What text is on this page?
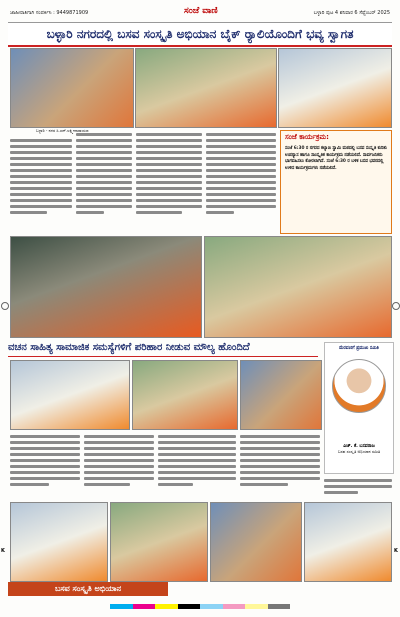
ಜಾಹೀರಾತಿಗಾಗಿ ಸಂಪರ್ಕಿಸಿ : 9449871909	ಸಂಜೆ ವಾಣಿ	ಬಳ್ಳಾರಿ ಪುಟ 4 ಶನಿವಾರ 6 ಸೆಪ್ಟೆಂಬರ್ 2025
ಬಳ್ಳಾರಿ ನಗರದಲ್ಲಿ ಬಸವ ಸಂಸ್ಕೃತಿ ಅಭಿಯಾನ ಬೈಕ್ ರ್‍ಯಾಲಿಯೊಂದಿಗೆ ಭವ್ಯ ಸ್ವಾಗತ
ಬಳ್ಳಾರಿ - ನಗರ ಸಿ.ಎನ್.ಲಕ್ಷ್ಮೀನಾರಾಯಣ
ಸಂಜೆ ಕಾರ್ಯಕ್ರಮ:
ಸಂಜೆ 6:30 ರ ನಗರದ ಕಲ್ಯಾಣ ಸ್ವಾಮಿ ಮಠದಲ್ಲಿ ಬಸವ ಸಂಸ್ಕೃತಿ ಕುರಿತು ಉಪನ್ಯಾಸ ಹಾಗೂ ಸಾಂಸ್ಕೃತಿಕ ಕಾರ್ಯಕ್ರಮ ನಡೆಯಲಿದೆ. ಸಾರ್ವಜನಿಕರು ಭಾಗವಹಿಸಲು ಕೋರಲಾಗಿದೆ. ಸಂಜೆ 6:30 ರ ಬಳಿಕ ಬಸವ ಭವನದಲ್ಲಿ ಉಳಿದ ಕಾರ್ಯಕ್ರಮಗಳು ನಡೆಯಲಿವೆ.
ವಚನ ಸಾಹಿತ್ಯ ಸಾಮಾಜಿಕ ಸಮಸ್ಯೆಗಳಿಗೆ ಪರಿಹಾರ ನೀಡುವ ಮೌಲ್ಯ ಹೊಂದಿದೆ	ಮೆರವಣಿಗೆ ಪ್ರಮುಖ ಸಮಿತಿ
ಎಚ್. ಕೆ. ಬಸವರಾಜ
ಬಸವ ಸಂಸ್ಕೃತಿ ಅಭಿಯಾನ ಸಮಿತಿ
ಬಸವ ಸಂಸ್ಕೃತಿ ಅಭಿಯಾನ
K	K
